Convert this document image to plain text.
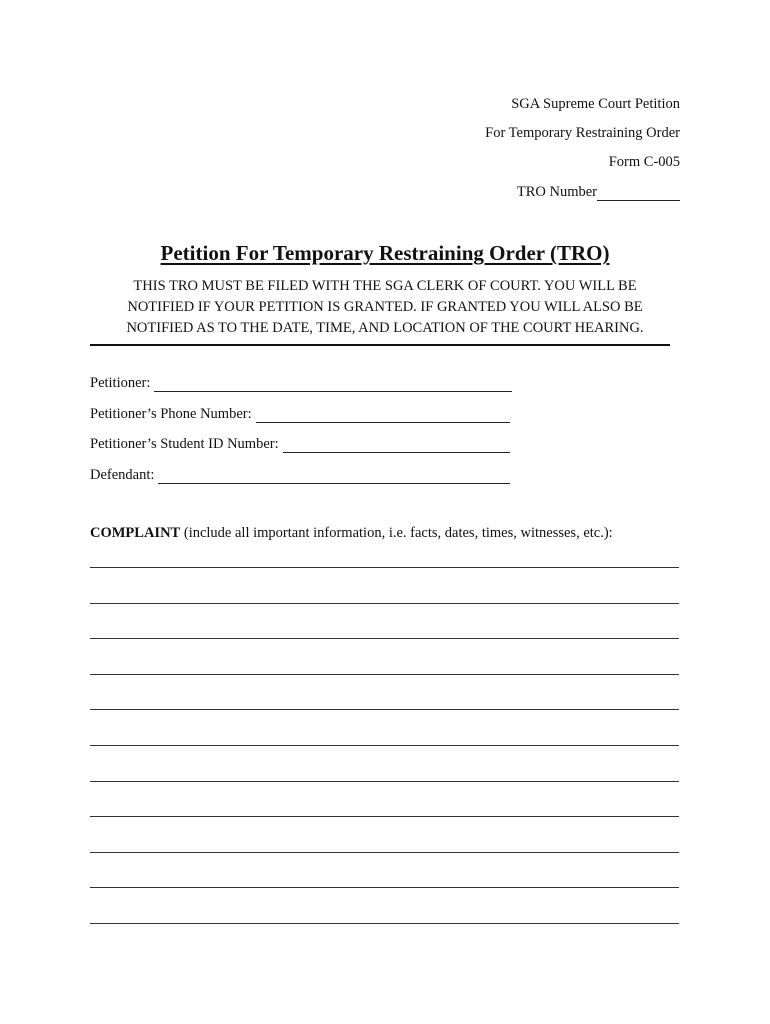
SGA Supreme Court Petition
For Temporary Restraining Order
Form C-005
TRO Number
Petition For Temporary Restraining Order (TRO)
THIS TRO MUST BE FILED WITH THE SGA CLERK OF COURT. YOU WILL BE
NOTIFIED IF YOUR PETITION IS GRANTED. IF GRANTED YOU WILL ALSO BE
NOTIFIED AS TO THE DATE, TIME, AND LOCATION OF THE COURT HEARING.
Petitioner:
Petitioner’s Phone Number:
Petitioner’s Student ID Number:
Defendant:
COMPLAINT (include all important information, i.e. facts, dates, times, witnesses, etc.):
